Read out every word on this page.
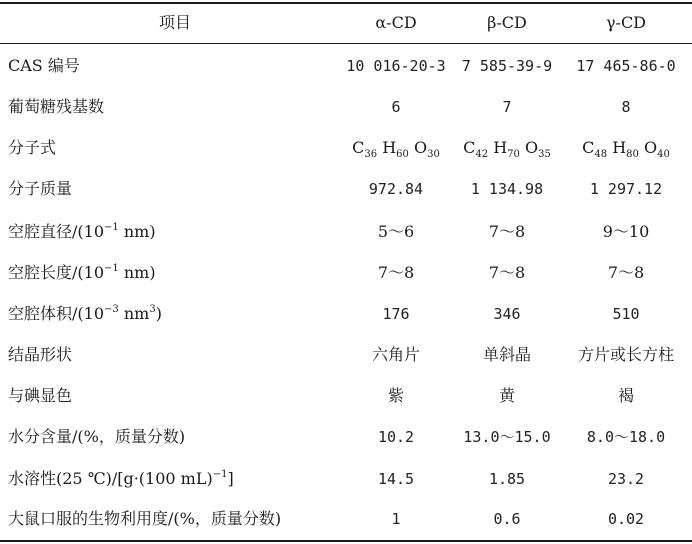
项目	α-CD	β-CD	γ-CD
CAS 编号	10 016-20-3	7 585-39-9	17 465-86-0
葡萄糖残基数	6	7	8
分子式	$C_{36}$ $H_{60}$ $O_{30}$	$C_{42}$ $H_{70}$ $O_{35}$	$C_{48}$ $H_{80}$ $O_{40}$
分子质量	972.84	1 134.98	1 297.12
空腔直径$/(10^{-1}$ nm)	5～6	7～8	9～10
空腔长度$/(10^{-1}$ nm)	7～8	7～8	7～8
空腔体积$/(10^{-3}$ $nm^3$)	176	346	510
结晶形状	六角片	单斜晶	方片或长方柱
与碘显色	紫	黄	褐
水分含量/(%，质量分数)	10.2	13.0～15.0	8.0～18.0
水溶性(25 ℃)/[g·(100 mL)$^{-1}$]	14.5	1.85	23.2
大鼠口服的生物利用度/(%，质量分数)	1	0.6	0.02
